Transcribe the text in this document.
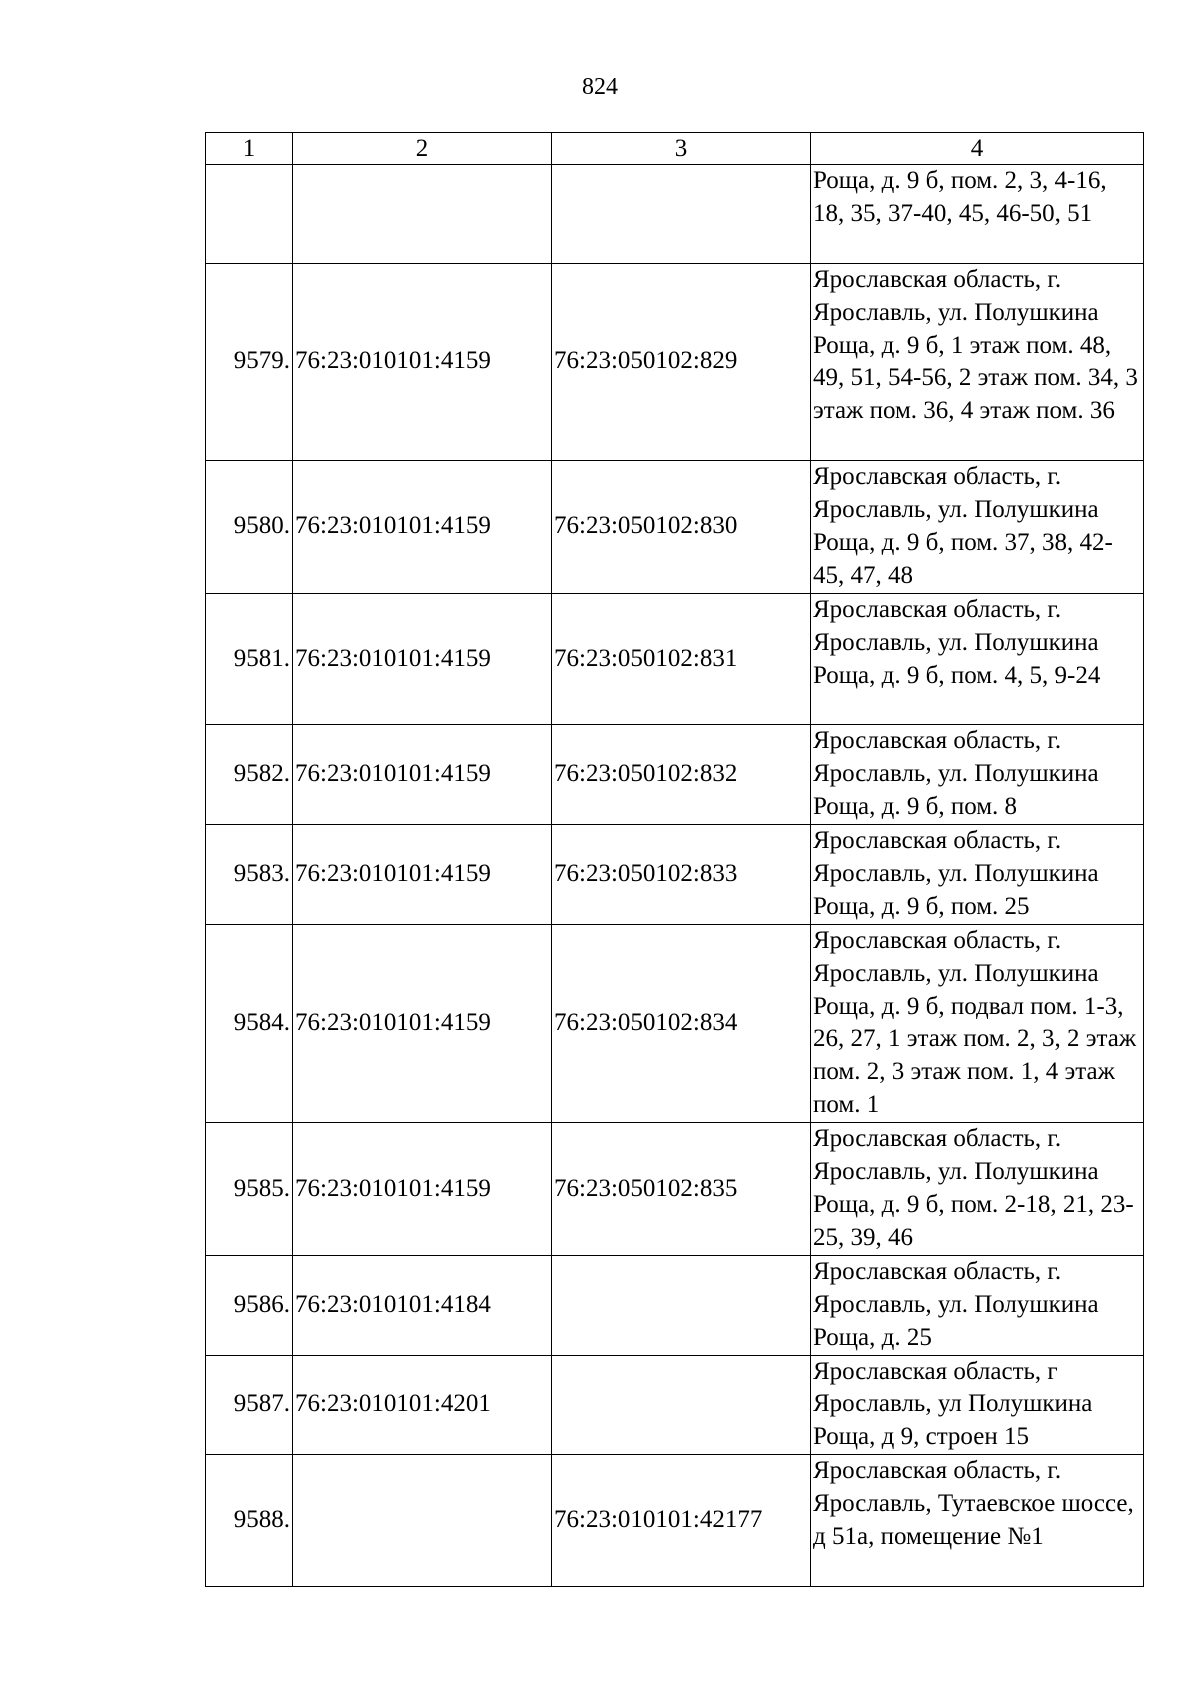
824
1	2	3	4
			Роща, д. 9 б, пом. 2, 3, 4-16, 18, 35, 37-40, 45, 46-50, 51
9579.	76:23:010101:4159	76:23:050102:829	Ярославская область, г. Ярославль, ул. Полушкина Роща, д. 9 б, 1 этаж пом. 48, 49, 51, 54-56, 2 этаж пом. 34, 3 этаж пом. 36, 4 этаж пом. 36
9580.	76:23:010101:4159	76:23:050102:830	Ярославская область, г. Ярославль, ул. Полушкина Роща, д. 9 б, пом. 37, 38, 42-45, 47, 48
9581.	76:23:010101:4159	76:23:050102:831	Ярославская область, г. Ярославль, ул. Полушкина Роща, д. 9 б, пом. 4, 5, 9-24
9582.	76:23:010101:4159	76:23:050102:832	Ярославская область, г. Ярославль, ул. Полушкина Роща, д. 9 б, пом. 8
9583.	76:23:010101:4159	76:23:050102:833	Ярославская область, г. Ярославль, ул. Полушкина Роща, д. 9 б, пом. 25
9584.	76:23:010101:4159	76:23:050102:834	Ярославская область, г. Ярославль, ул. Полушкина Роща, д. 9 б, подвал пом. 1-3, 26, 27, 1 этаж пом. 2, 3, 2 этаж пом. 2, 3 этаж пом. 1, 4 этаж пом. 1
9585.	76:23:010101:4159	76:23:050102:835	Ярославская область, г. Ярославль, ул. Полушкина Роща, д. 9 б, пом. 2-18, 21, 23-25, 39, 46
9586.	76:23:010101:4184		Ярославская область, г. Ярославль, ул. Полушкина Роща, д. 25
9587.	76:23:010101:4201		Ярославская область, г Ярославль, ул Полушкина Роща, д 9, строен 15
9588.		76:23:010101:42177	Ярославская область, г. Ярославль, Тутаевское шоссе, д 51а, помещение №1
